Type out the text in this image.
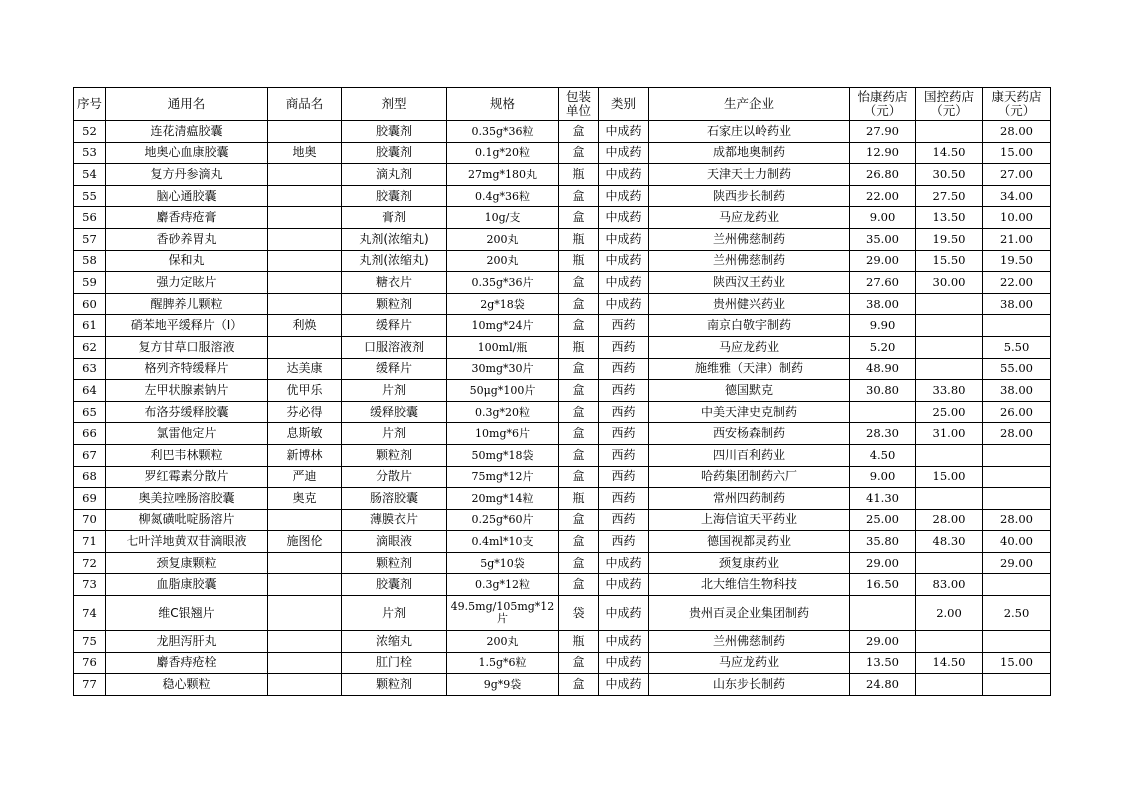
序号	通用名	商品名	剂型	规格	包装单位	类别	生产企业	怡康药店（元）	国控药店（元）	康天药店（元）
52	连花清瘟胶囊		胶囊剂	0.35g*36粒	盒	中成药	石家庄以岭药业	27.90		28.00
53	地奥心血康胶囊	地奥	胶囊剂	0.1g*20粒	盒	中成药	成都地奥制药	12.90	14.50	15.00
54	复方丹参滴丸		滴丸剂	27mg*180丸	瓶	中成药	天津天士力制药	26.80	30.50	27.00
55	脑心通胶囊		胶囊剂	0.4g*36粒	盒	中成药	陕西步长制药	22.00	27.50	34.00
56	麝香痔疮膏		膏剂	10g/支	盒	中成药	马应龙药业	9.00	13.50	10.00
57	香砂养胃丸		丸剂(浓缩丸)	200丸	瓶	中成药	兰州佛慈制药	35.00	19.50	21.00
58	保和丸		丸剂(浓缩丸)	200丸	瓶	中成药	兰州佛慈制药	29.00	15.50	19.50
59	强力定眩片		糖衣片	0.35g*36片	盒	中成药	陕西汉王药业	27.60	30.00	22.00
60	醒脾养儿颗粒		颗粒剂	2g*18袋	盒	中成药	贵州健兴药业	38.00		38.00
61	硝苯地平缓释片（Ⅰ）	利焕	缓释片	10mg*24片	盒	西药	南京白敬宇制药	9.90		
62	复方甘草口服溶液		口服溶液剂	100ml/瓶	瓶	西药	马应龙药业	5.20		5.50
63	格列齐特缓释片	达美康	缓释片	30mg*30片	盒	西药	施维雅（天津）制药	48.90		55.00
64	左甲状腺素钠片	优甲乐	片剂	50μg*100片	盒	西药	德国默克	30.80	33.80	38.00
65	布洛芬缓释胶囊	芬必得	缓释胶囊	0.3g*20粒	盒	西药	中美天津史克制药		25.00	26.00
66	氯雷他定片	息斯敏	片剂	10mg*6片	盒	西药	西安杨森制药	28.30	31.00	28.00
67	利巴韦林颗粒	新博林	颗粒剂	50mg*18袋	盒	西药	四川百利药业	4.50		
68	罗红霉素分散片	严迪	分散片	75mg*12片	盒	西药	哈药集团制药六厂	9.00	15.00	
69	奥美拉唑肠溶胶囊	奥克	肠溶胶囊	20mg*14粒	瓶	西药	常州四药制药	41.30		
70	柳氮磺吡啶肠溶片		薄膜衣片	0.25g*60片	盒	西药	上海信谊天平药业	25.00	28.00	28.00
71	七叶洋地黄双苷滴眼液	施图伦	滴眼液	0.4ml*10支	盒	西药	德国视都灵药业	35.80	48.30	40.00
72	颈复康颗粒		颗粒剂	5g*10袋	盒	中成药	颈复康药业	29.00		29.00
73	血脂康胶囊		胶囊剂	0.3g*12粒	盒	中成药	北大维信生物科技	16.50	83.00	
74	维C银翘片		片剂	49.5mg/105mg*12片	袋	中成药	贵州百灵企业集团制药		2.00	2.50
75	龙胆泻肝丸		浓缩丸	200丸	瓶	中成药	兰州佛慈制药	29.00		
76	麝香痔疮栓		肛门栓	1.5g*6粒	盒	中成药	马应龙药业	13.50	14.50	15.00
77	稳心颗粒		颗粒剂	9g*9袋	盒	中成药	山东步长制药	24.80		
